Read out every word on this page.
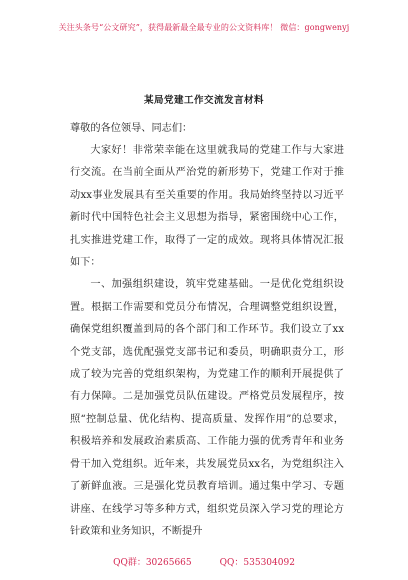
关注头条号“公文研究”，获得最新最全最专业的公文资料库！ 微信：gongwenyj
某局党建工作交流发言材料
尊敬的各位领导、同志们：

大家好！非常荣幸能在这里就我局的党建工作与大家进行交流。在当前全面从严治党的新形势下，党建工作对于推动xx事业发展具有至关重要的作用。我局始终坚持以习近平新时代中国特色社会主义思想为指导，紧密围绕中心工作，扎实推进党建工作，取得了一定的成效。现将具体情况汇报如下：

一、加强组织建设，筑牢党建基础。一是优化党组织设置。根据工作需要和党员分布情况，合理调整党组织设置，确保党组织覆盖到局的各个部门和工作环节。我们设立了xx个党支部，选优配强党支部书记和委员，明确职责分工，形成了较为完善的党组织架构，为党建工作的顺利开展提供了有力保障。二是加强党员队伍建设。严格党员发展程序，按照“控制总量、优化结构、提高质量、发挥作用”的总要求，积极培养和发展政治素质高、工作能力强的优秀青年和业务骨干加入党组织。近年来，共发展党员xx名，为党组织注入了新鲜血液。三是强化党员教育培训。通过集中学习、专题讲座、在线学习等多种方式，组织党员深入学习党的理论方针政策和业务知识，不断提升

QQ群：30265665	QQ：535304092
